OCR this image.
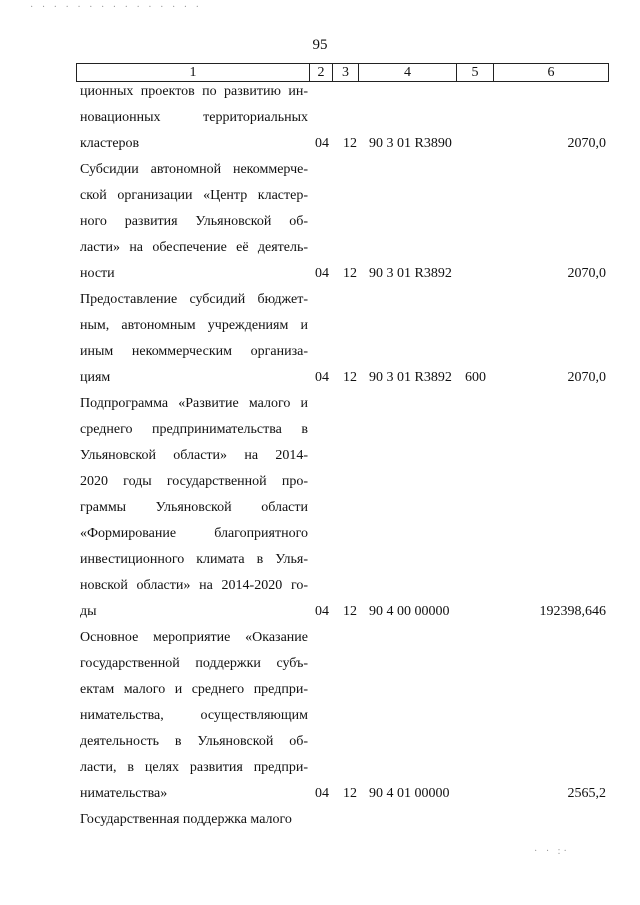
· · · · · · · · · · · · · · ·
· · :·
95
1	2	3	4	5	6
ционных проектов по развитию ин-
новационных территориальных
кластеров	04 12 90 3 01 R3890	2070,0
Субсидии автономной некоммерче-
ской организации «Центр кластер-
ного развития Ульяновской об-
ласти» на обеспечение её деятель-
ности	04 12 90 3 01 R3892	2070,0
Предоставление субсидий бюджет-
ным, автономным учреждениям и
иным некоммерческим организа-
циям	04 12 90 3 01 R3892 600	2070,0
Подпрограмма «Развитие малого и
среднего предпринимательства в
Ульяновской области» на 2014-
2020 годы государственной про-
граммы Ульяновской области
«Формирование благоприятного
инвестиционного климата в Улья-
новской области» на 2014-2020 го-
ды	04 12 90 4 00 00000	192398,646
Основное мероприятие «Оказание
государственной поддержки субъ-
ектам малого и среднего предпри-
нимательства, осуществляющим
деятельность в Ульяновской об-
ласти, в целях развития предпри-
нимательства»	04 12 90 4 01 00000	2565,2
Государственная поддержка малого
